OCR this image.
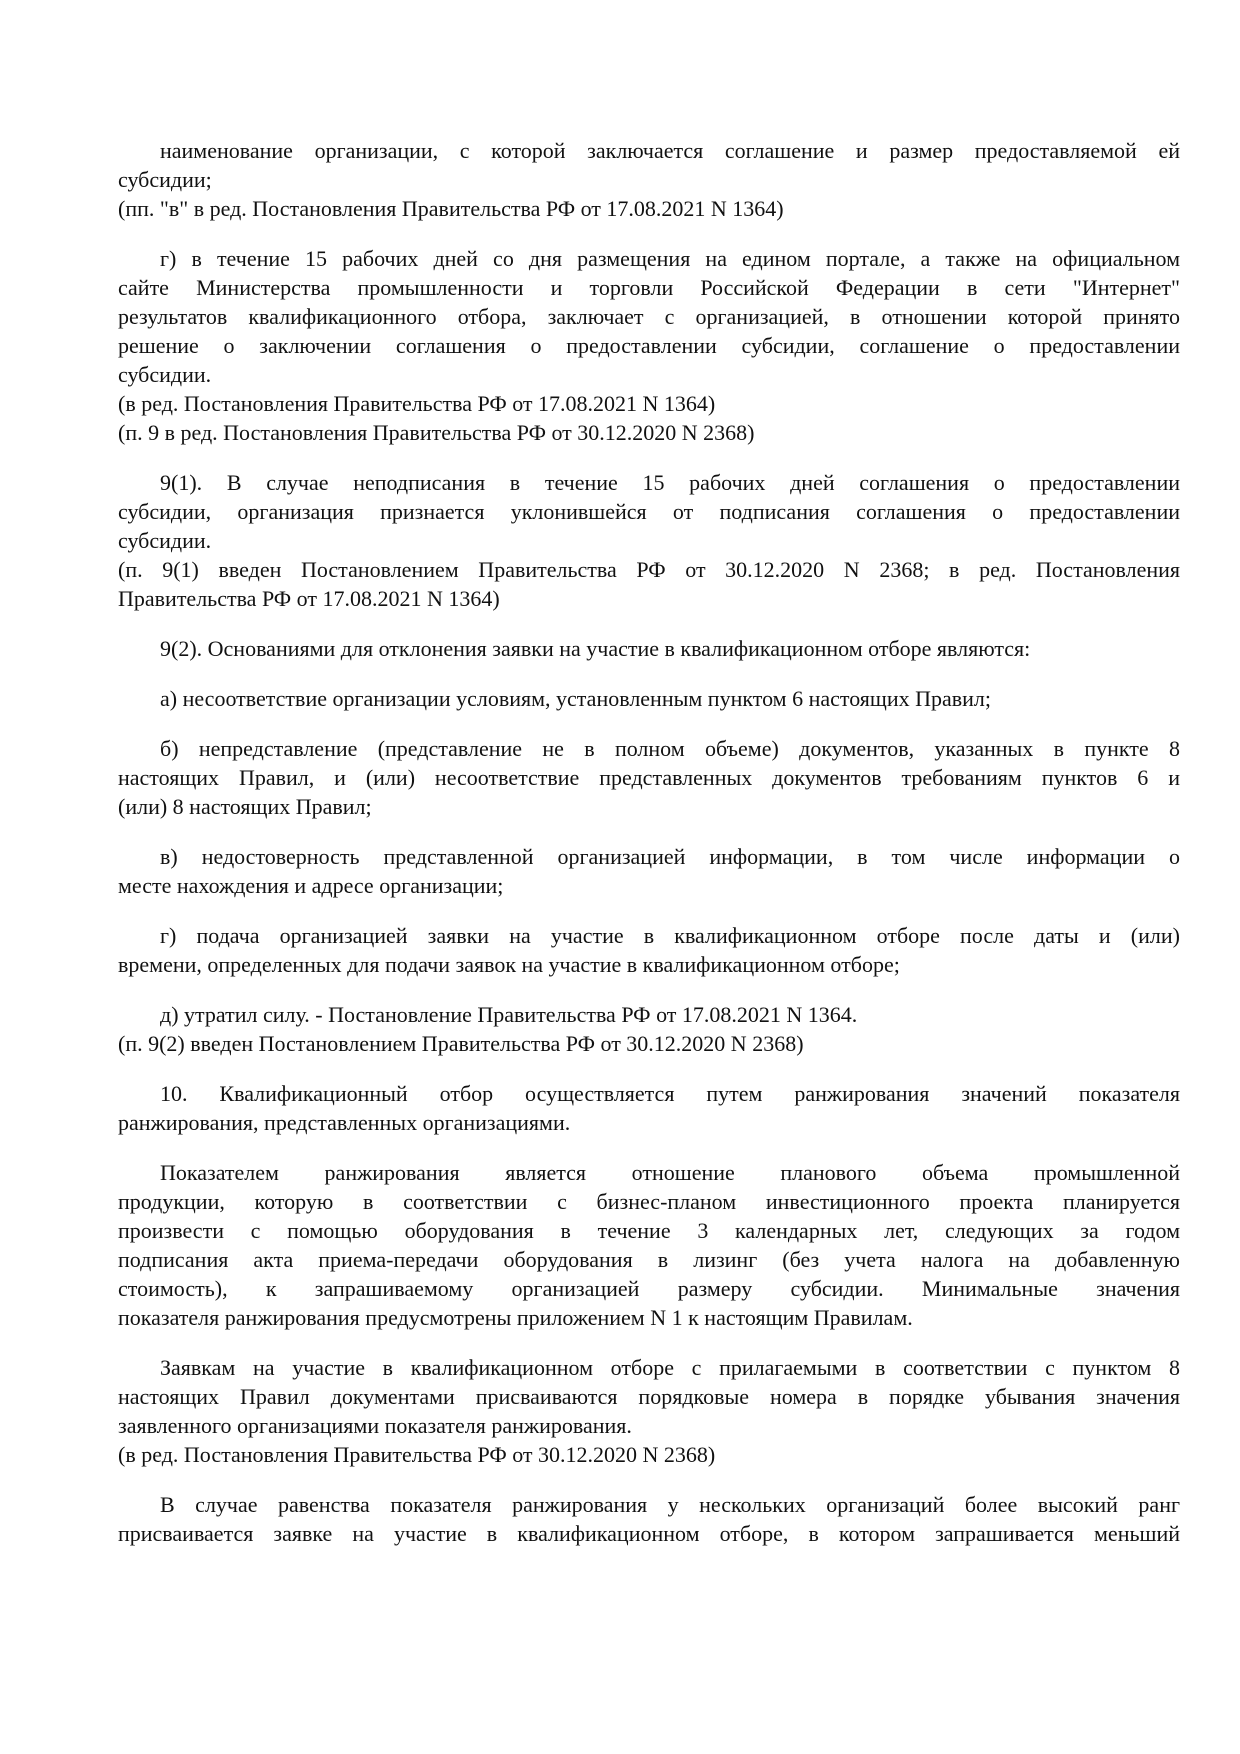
наименование организации, с которой заключается соглашение и размер предоставляемой ей
субсидии;
(пп. "в" в ред. Постановления Правительства РФ от 17.08.2021 N 1364)
г) в течение 15 рабочих дней со дня размещения на едином портале, а также на официальном
сайте Министерства промышленности и торговли Российской Федерации в сети "Интернет"
результатов квалификационного отбора, заключает с организацией, в отношении которой принято
решение о заключении соглашения о предоставлении субсидии, соглашение о предоставлении
субсидии.
(в ред. Постановления Правительства РФ от 17.08.2021 N 1364)
(п. 9 в ред. Постановления Правительства РФ от 30.12.2020 N 2368)
9(1). В случае неподписания в течение 15 рабочих дней соглашения о предоставлении
субсидии, организация признается уклонившейся от подписания соглашения о предоставлении
субсидии.
(п. 9(1) введен Постановлением Правительства РФ от 30.12.2020 N 2368; в ред. Постановления
Правительства РФ от 17.08.2021 N 1364)
9(2). Основаниями для отклонения заявки на участие в квалификационном отборе являются:
а) несоответствие организации условиям, установленным пунктом 6 настоящих Правил;
б) непредставление (представление не в полном объеме) документов, указанных в пункте 8
настоящих Правил, и (или) несоответствие представленных документов требованиям пунктов 6 и
(или) 8 настоящих Правил;
в) недостоверность представленной организацией информации, в том числе информации о
месте нахождения и адресе организации;
г) подача организацией заявки на участие в квалификационном отборе после даты и (или)
времени, определенных для подачи заявок на участие в квалификационном отборе;
д) утратил силу. - Постановление Правительства РФ от 17.08.2021 N 1364.
(п. 9(2) введен Постановлением Правительства РФ от 30.12.2020 N 2368)
10. Квалификационный отбор осуществляется путем ранжирования значений показателя
ранжирования, представленных организациями.
Показателем ранжирования является отношение планового объема промышленной
продукции, которую в соответствии с бизнес-планом инвестиционного проекта планируется
произвести с помощью оборудования в течение 3 календарных лет, следующих за годом
подписания акта приема-передачи оборудования в лизинг (без учета налога на добавленную
стоимость), к запрашиваемому организацией размеру субсидии. Минимальные значения
показателя ранжирования предусмотрены приложением N 1 к настоящим Правилам.
Заявкам на участие в квалификационном отборе с прилагаемыми в соответствии с пунктом 8
настоящих Правил документами присваиваются порядковые номера в порядке убывания значения
заявленного организациями показателя ранжирования.
(в ред. Постановления Правительства РФ от 30.12.2020 N 2368)
В случае равенства показателя ранжирования у нескольких организаций более высокий ранг
присваивается заявке на участие в квалификационном отборе, в котором запрашивается меньший
